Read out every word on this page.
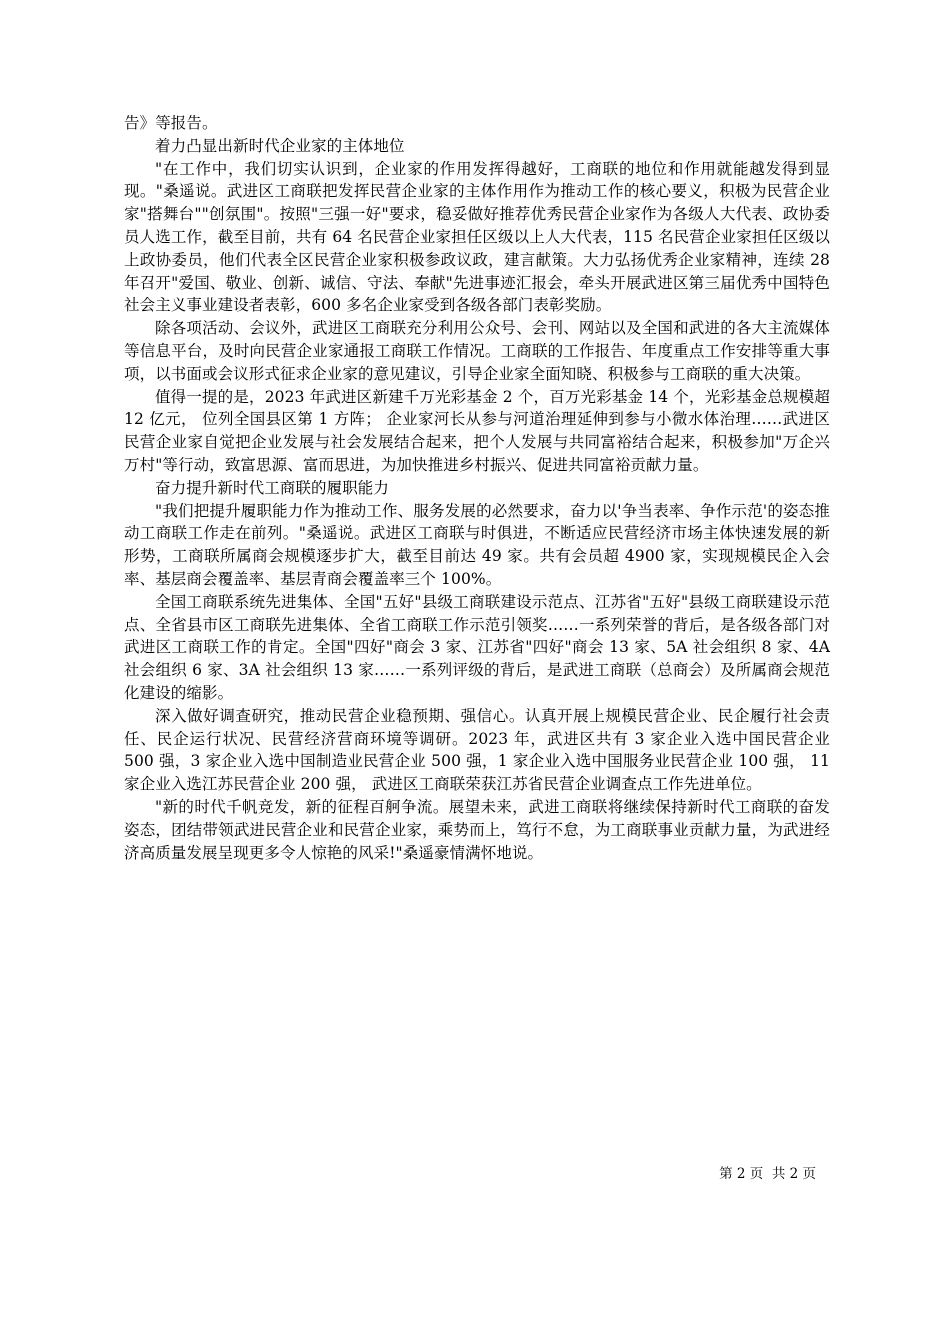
告》等报告。

着力凸显出新时代企业家的主体地位

"在工作中，我们切实认识到，企业家的作用发挥得越好，工商联的地位和作用就能越发得到显现。"桑遥说。武进区工商联把发挥民营企业家的主体作用作为推动工作的核心要义，积极为民营企业家"搭舞台""创氛围"。按照"三强一好"要求，稳妥做好推荐优秀民营企业家作为各级人大代表、政协委员人选工作，截至目前，共有 64 名民营企业家担任区级以上人大代表，115 名民营企业家担任区级以上政协委员，他们代表全区民营企业家积极参政议政，建言献策。大力弘扬优秀企业家精神，连续 28 年召开"爱国、敬业、创新、诚信、守法、奉献"先进事迹汇报会，牵头开展武进区第三届优秀中国特色社会主义事业建设者表彰，600 多名企业家受到各级各部门表彰奖励。

除各项活动、会议外，武进区工商联充分利用公众号、会刊、网站以及全国和武进的各大主流媒体等信息平台，及时向民营企业家通报工商联工作情况。工商联的工作报告、年度重点工作安排等重大事项，以书面或会议形式征求企业家的意见建议，引导企业家全面知晓、积极参与工商联的重大决策。

值得一提的是，2023 年武进区新建千万光彩基金 2 个，百万光彩基金 14 个，光彩基金总规模超 12 亿元， 位列全国县区第 1 方阵； 企业家河长从参与河道治理延伸到参与小微水体治理……武进区民营企业家自觉把企业发展与社会发展结合起来，把个人发展与共同富裕结合起来，积极参加"万企兴万村"等行动，致富思源、富而思进，为加快推进乡村振兴、促进共同富裕贡献力量。

奋力提升新时代工商联的履职能力

"我们把提升履职能力作为推动工作、服务发展的必然要求，奋力以'争当表率、争作示范'的姿态推动工商联工作走在前列。"桑遥说。武进区工商联与时俱进，不断适应民营经济市场主体快速发展的新形势，工商联所属商会规模逐步扩大，截至目前达 49 家。共有会员超 4900 家，实现规模民企入会率、基层商会覆盖率、基层青商会覆盖率三个 100%。

全国工商联系统先进集体、全国"五好"县级工商联建设示范点、江苏省"五好"县级工商联建设示范点、全省县市区工商联先进集体、全省工商联工作示范引领奖……一系列荣誉的背后，是各级各部门对武进区工商联工作的肯定。全国"四好"商会 3 家、江苏省"四好"商会 13 家、5A 社会组织 8 家、4A 社会组织 6 家、3A 社会组织 13 家……一系列评级的背后，是武进工商联（总商会）及所属商会规范化建设的缩影。

深入做好调查研究，推动民营企业稳预期、强信心。认真开展上规模民营企业、民企履行社会责任、民企运行状况、民营经济营商环境等调研。2023 年，武进区共有 3 家企业入选中国民营企业 500 强，3 家企业入选中国制造业民营企业 500 强，1 家企业入选中国服务业民营企业 100 强， 11 家企业入选江苏民营企业 200 强， 武进区工商联荣获江苏省民营企业调查点工作先进单位。

"新的时代千帆竞发，新的征程百舸争流。展望未来，武进工商联将继续保持新时代工商联的奋发姿态，团结带领武进民营企业和民营企业家，乘势而上，笃行不怠，为工商联事业贡献力量，为武进经济高质量发展呈现更多令人惊艳的风采!"桑遥豪情满怀地说。

第 2 页  共 2 页
